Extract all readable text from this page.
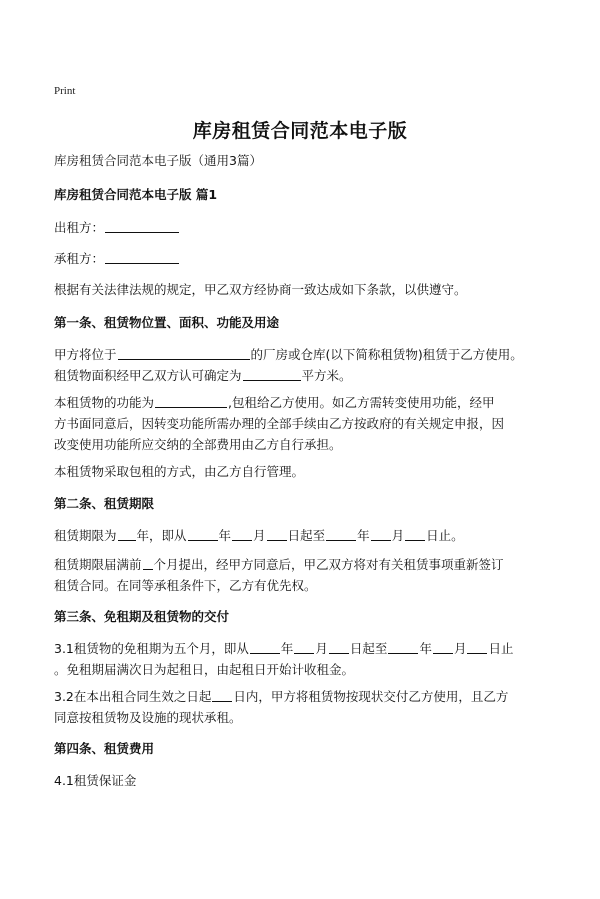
Print
库房租赁合同范本电子版
库房租赁合同范本电子版（通用3篇）
库房租赁合同范本电子版 篇1
出租方：
承租方：
根据有关法律法规的规定，甲乙双方经协商一致达成如下条款，以供遵守。
第一条、租赁物位置、面积、功能及用途
甲方将位于	的厂房或仓库(以下简称租赁物)租赁于乙方使用。
租赁物面积经甲乙双方认可确定为	平方米。
本租赁物的功能为	,包租给乙方使用。如乙方需转变使用功能，经甲
方书面同意后，因转变功能所需办理的全部手续由乙方按政府的有关规定申报，因
改变使用功能所应交纳的全部费用由乙方自行承担。
本租赁物采取包租的方式，由乙方自行管理。
第二条、租赁期限
租赁期限为 年，即从	年 月 日起至	年 月 日止。
租赁期限届满前 个月提出，经甲方同意后，甲乙双方将对有关租赁事项重新签订
租赁合同。在同等承租条件下，乙方有优先权。
第三条、免租期及租赁物的交付
3.1租赁物的免租期为五个月，即从	年 月 日起至	年 月 日止
。免租期届满次日为起租日，由起租日开始计收租金。
3.2在本出租合同生效之日起 日内，甲方将租赁物按现状交付乙方使用，且乙方
同意按租赁物及设施的现状承租。
第四条、租赁费用
4.1租赁保证金
